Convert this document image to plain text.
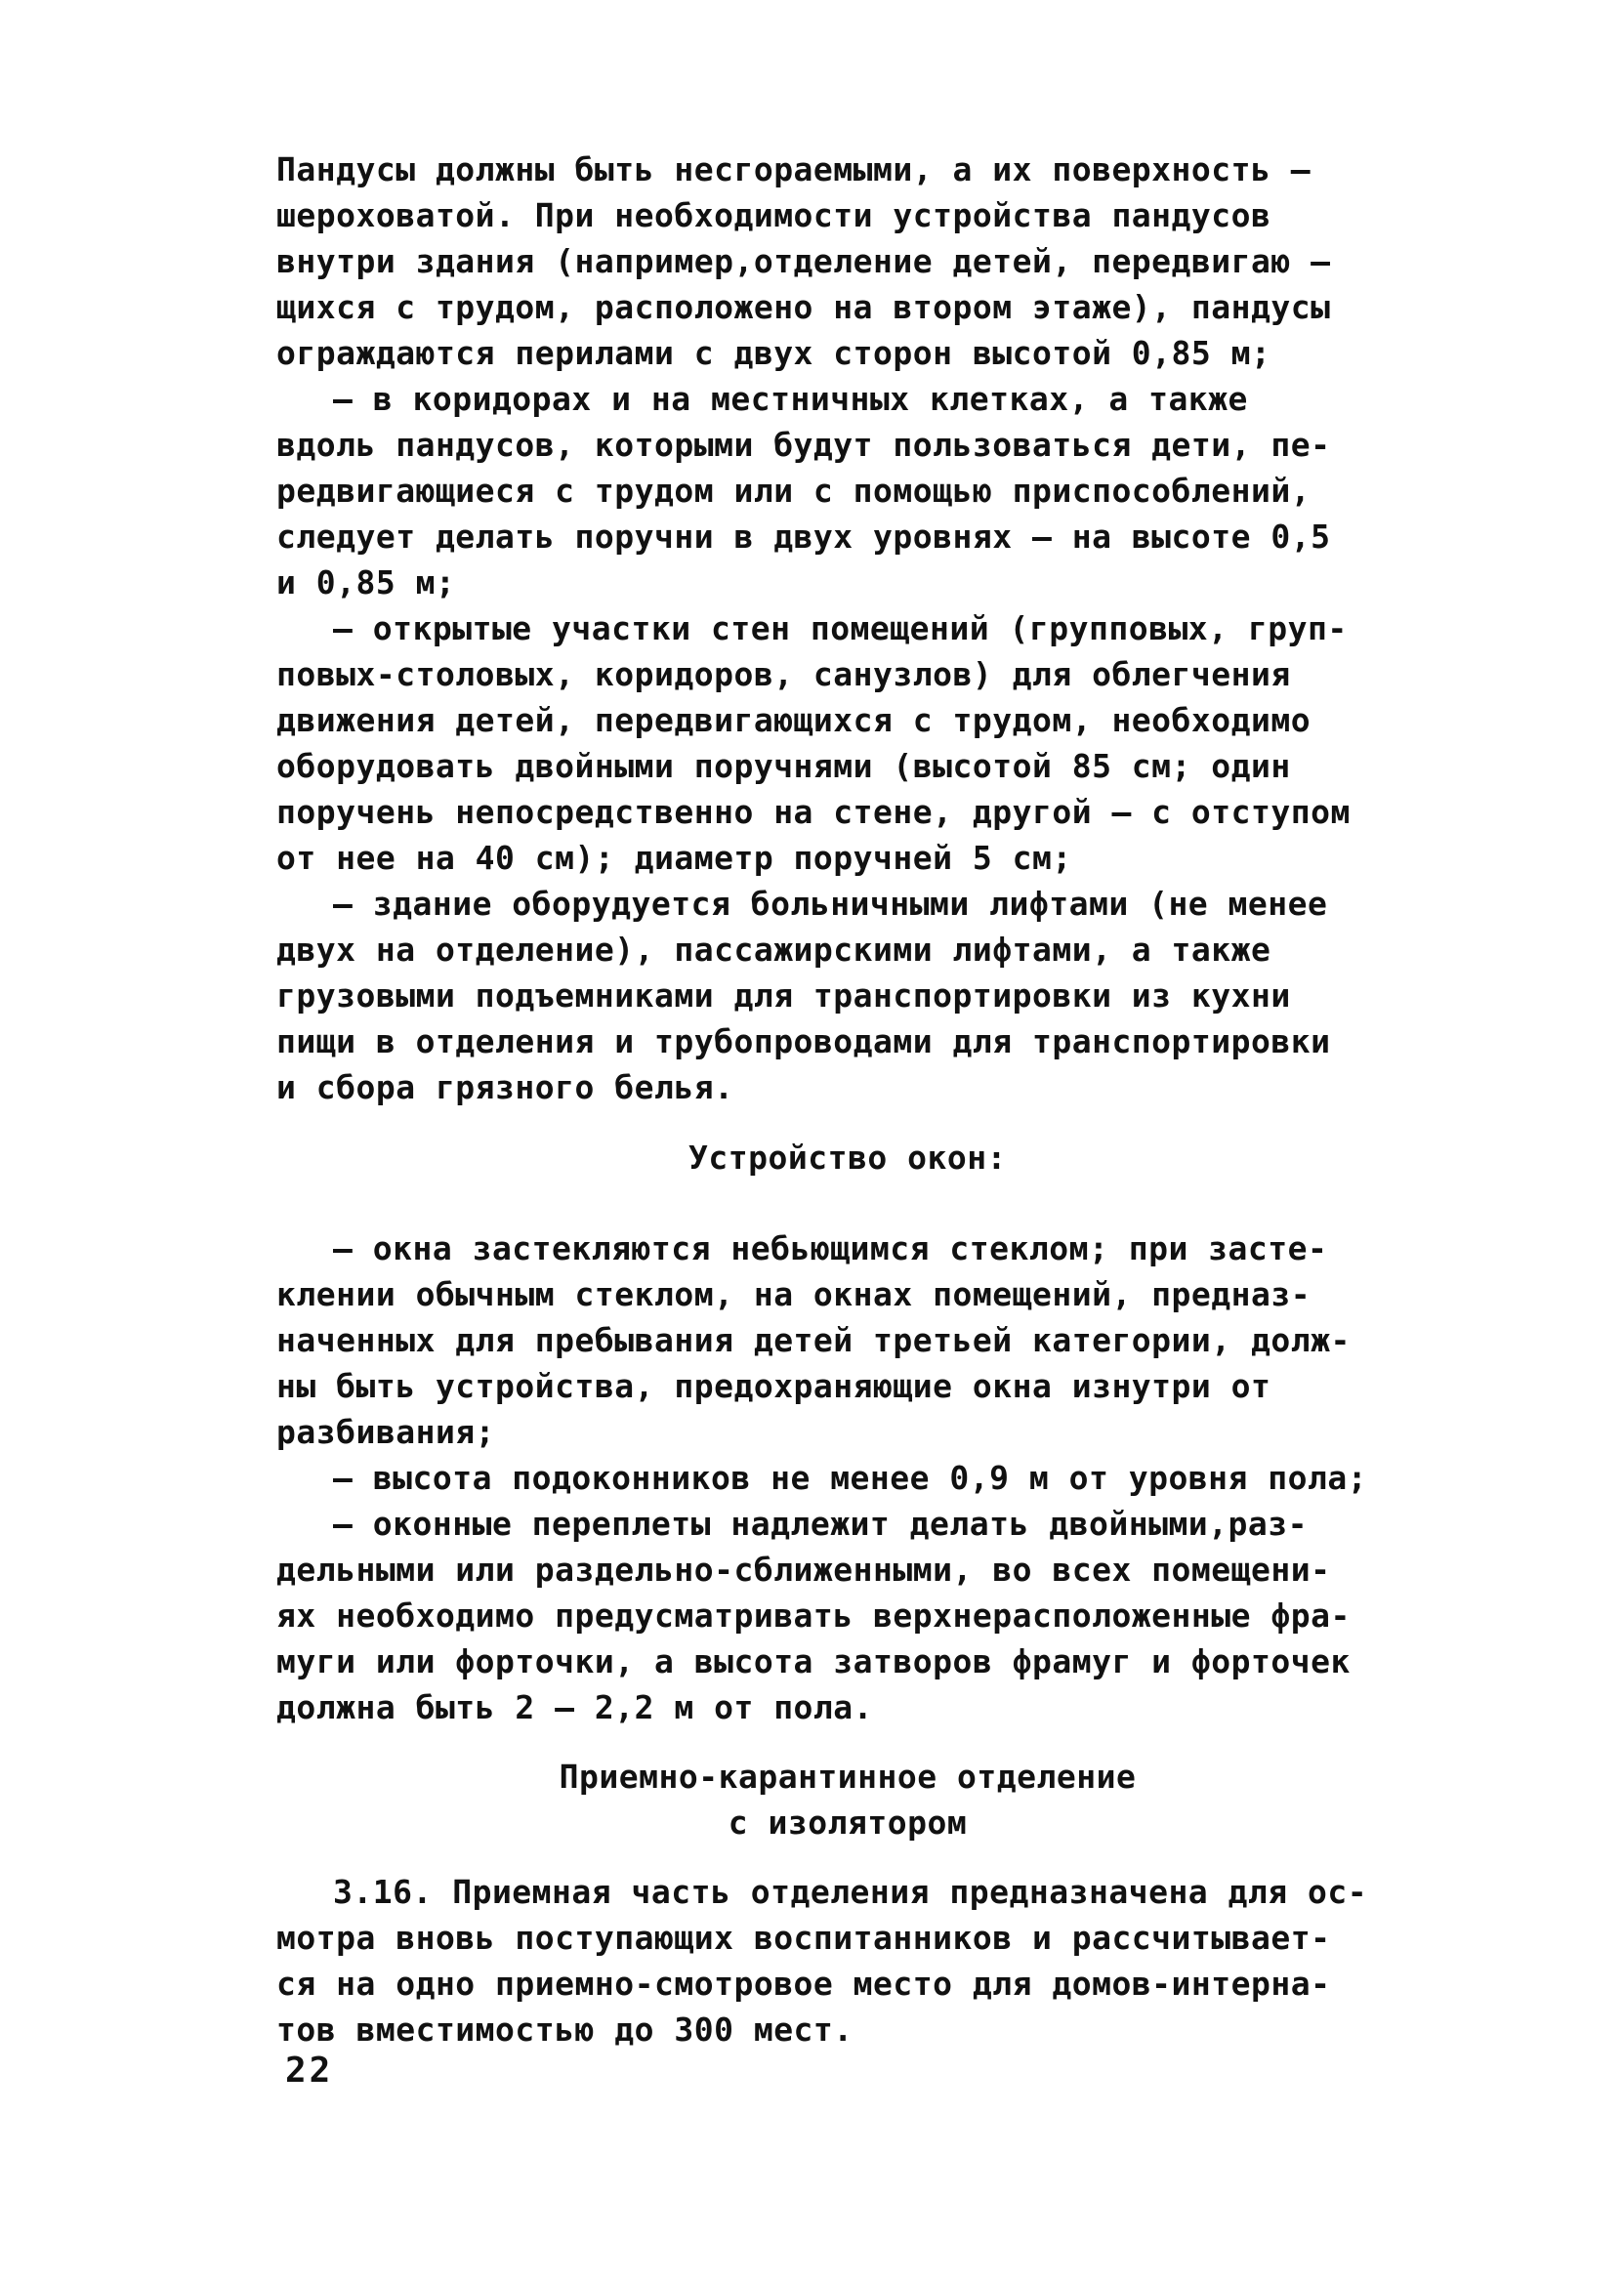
Пандусы должны быть несгораемыми, а их поверхность –
шероховатой. При необходимости устройства пандусов
внутри здания (например,отделение детей, передвигаю –
щихся с трудом, расположено на втором этаже), пандусы
ограждаются перилами с двух сторон высотой 0,85 м;
– в коридорах и на местничных клетках, а также
вдоль пандусов, которыми будут пользоваться дети, пе-
редвигающиеся с трудом или с помощью приспособлений,
следует делать поручни в двух уровнях – на высоте 0,5
и 0,85 м;
– открытые участки стен помещений (групповых, груп-
повых-столовых, коридоров, санузлов) для облегчения
движения детей, передвигающихся с трудом, необходимо
оборудовать двойными поручнями (высотой 85 см; один
поручень непосредственно на стене, другой – с отступом
от нее на 40 см); диаметр поручней 5 см;
– здание оборудуется больничными лифтами (не менее
двух на отделение), пассажирскими лифтами, а также
грузовыми подъемниками для транспортировки из кухни
пищи в отделения и трубопроводами для транспортировки
и сбора грязного белья.
Устройство окон:
– окна застекляются небьющимся стеклом; при засте-
клении обычным стеклом, на окнах помещений, предназ-
наченных для пребывания детей третьей категории, долж-
ны быть устройства, предохраняющие окна изнутри от
разбивания;
– высота подоконников не менее 0,9 м от уровня пола;
– оконные переплеты надлежит делать двойными,раз-
дельными или раздельно-сближенными, во всех помещени-
ях необходимо предусматривать верхнерасположенные фра-
муги или форточки, а высота затворов фрамуг и форточек
должна быть 2 – 2,2 м от пола.
Приемно-карантинное отделение
с изолятором
3.16. Приемная часть отделения предназначена для ос-
мотра вновь поступающих воспитанников и рассчитывает-
ся на одно приемно-смотровое место для домов-интерна-
тов вместимостью до 300 мест.
22
